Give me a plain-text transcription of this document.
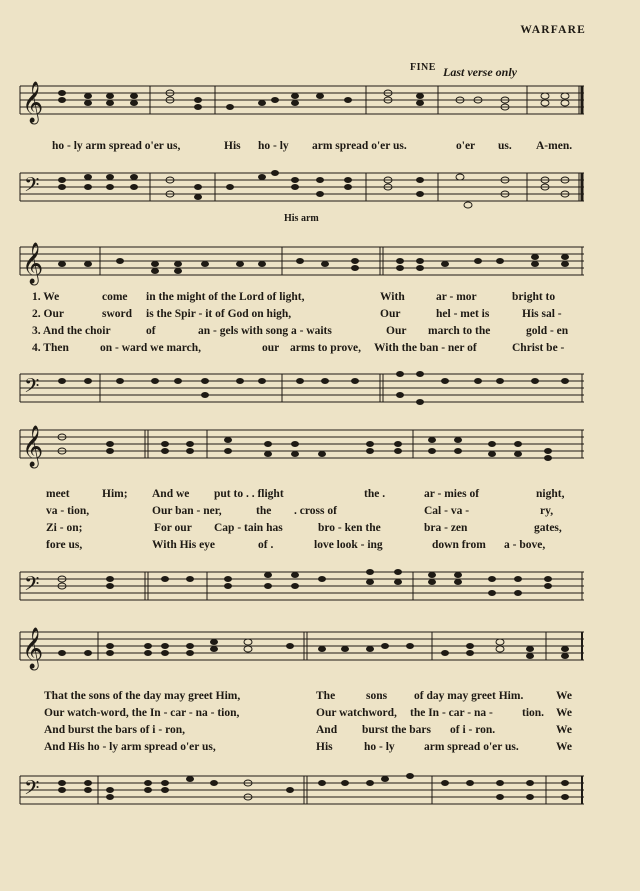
WARFARE
FINE Last verse only
𝄞
ho - ly arm spread o'er us,	His ho - ly arm spread o'er us.	o'er us. A-men.
𝄢
His arm
𝄞
1. We	come in the might of the Lord of light,	With	ar - mor	bright to
2. Our	sword is the Spir - it of God on high,	Our	hel - met is	His sal -
3. And the choir	of	an - gels with song a - waits	Our march to the	gold - en
4. Then	on - ward we march,	our arms to prove, With the ban - ner of	Christ be -
𝄢
𝄞
meet	Him; And we put to . . flight	the .	ar - mies of	night,
va - tion,	Our ban - ner,	the . cross of	Cal - va -	ry,
Zi - on;	For our Cap - tain has	bro - ken the	bra - zen	gates,
fore us,	With His eye	of .	love look - ing	down from a - bove,
𝄢
𝄞
That the sons of the day may greet Him,	The	sons of day may greet Him.	We
Our watch-word, the In - car - na - tion,	Our watchword, the In - car - na -	tion. We
And burst the bars of i - ron,	And burst the bars of i - ron.	We
And His ho - ly arm spread o'er us,	His	ho - ly	arm spread o'er us.	We
𝄢
